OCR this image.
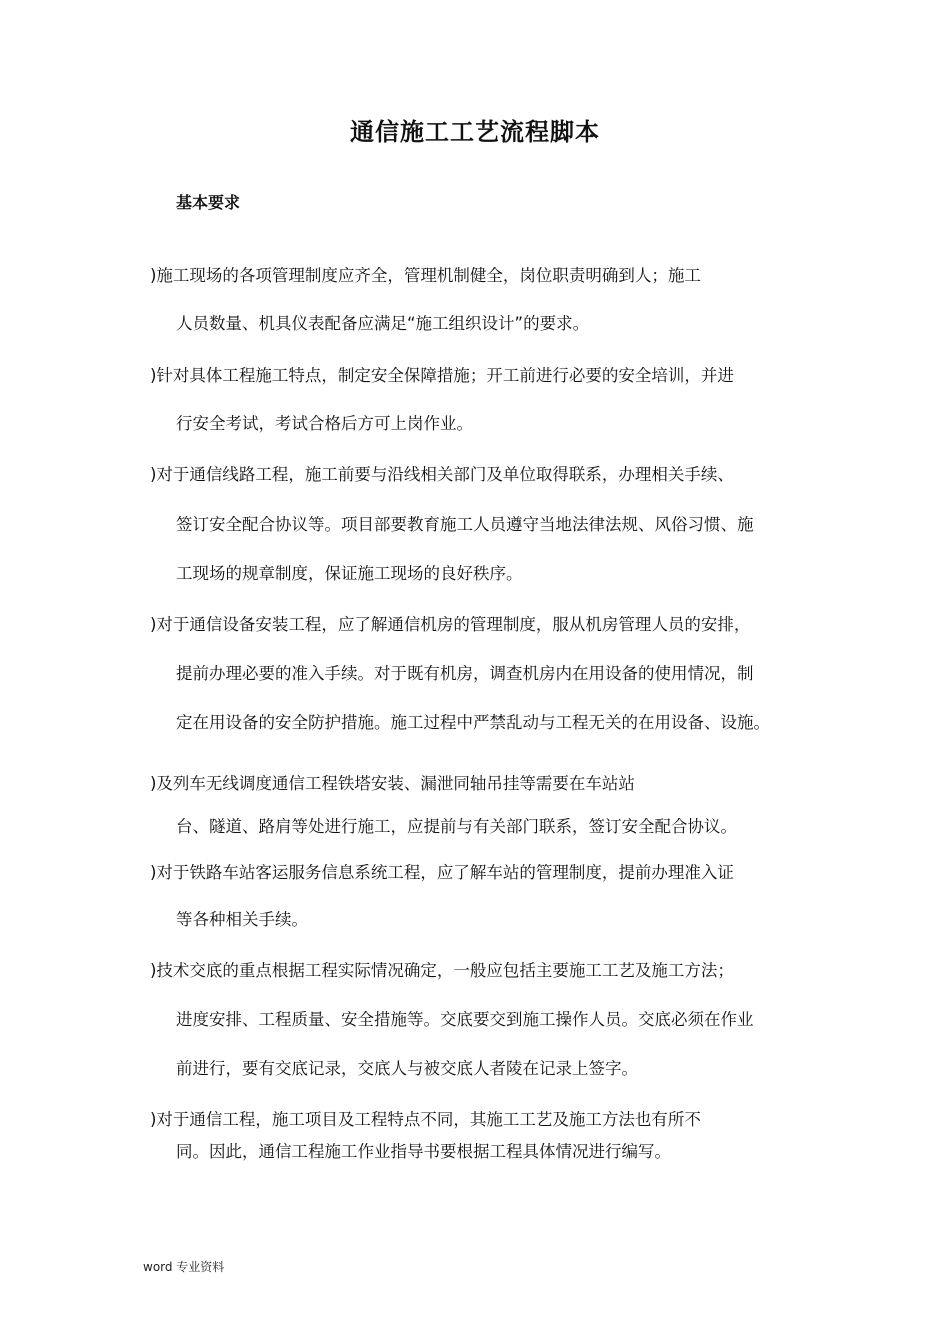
通信施工工艺流程脚本
基本要求
)施工现场的各项管理制度应齐全，管理机制健全，岗位职责明确到人；施工
人员数量、机具仪表配备应满足“施工组织设计”的要求。
)针对具体工程施工特点，制定安全保障措施；开工前进行必要的安全培训，并进
行安全考试，考试合格后方可上岗作业。
)对于通信线路工程，施工前要与沿线相关部门及单位取得联系，办理相关手续、
签订安全配合协议等。项目部要教育施工人员遵守当地法律法规、风俗习惯、施
工现场的规章制度，保证施工现场的良好秩序。
)对于通信设备安装工程，应了解通信机房的管理制度，服从机房管理人员的安排，
提前办理必要的准入手续。对于既有机房，调查机房内在用设备的使用情况，制
定在用设备的安全防护措施。施工过程中严禁乱动与工程无关的在用设备、设施。
)及列车无线调度通信工程铁塔安装、漏泄同轴吊挂等需要在车站站
台、隧道、路肩等处进行施工，应提前与有关部门联系，签订安全配合协议。
)对于铁路车站客运服务信息系统工程，应了解车站的管理制度，提前办理准入证
等各种相关手续。
)技术交底的重点根据工程实际情况确定，一般应包括主要施工工艺及施工方法；
进度安排、工程质量、安全措施等。交底要交到施工操作人员。交底必须在作业
前进行，要有交底记录，交底人与被交底人者陵在记录上签字。
)对于通信工程，施工项目及工程特点不同，其施工工艺及施工方法也有所不
同。因此，通信工程施工作业指导书要根据工程具体情况进行编写。
word 专业资料
